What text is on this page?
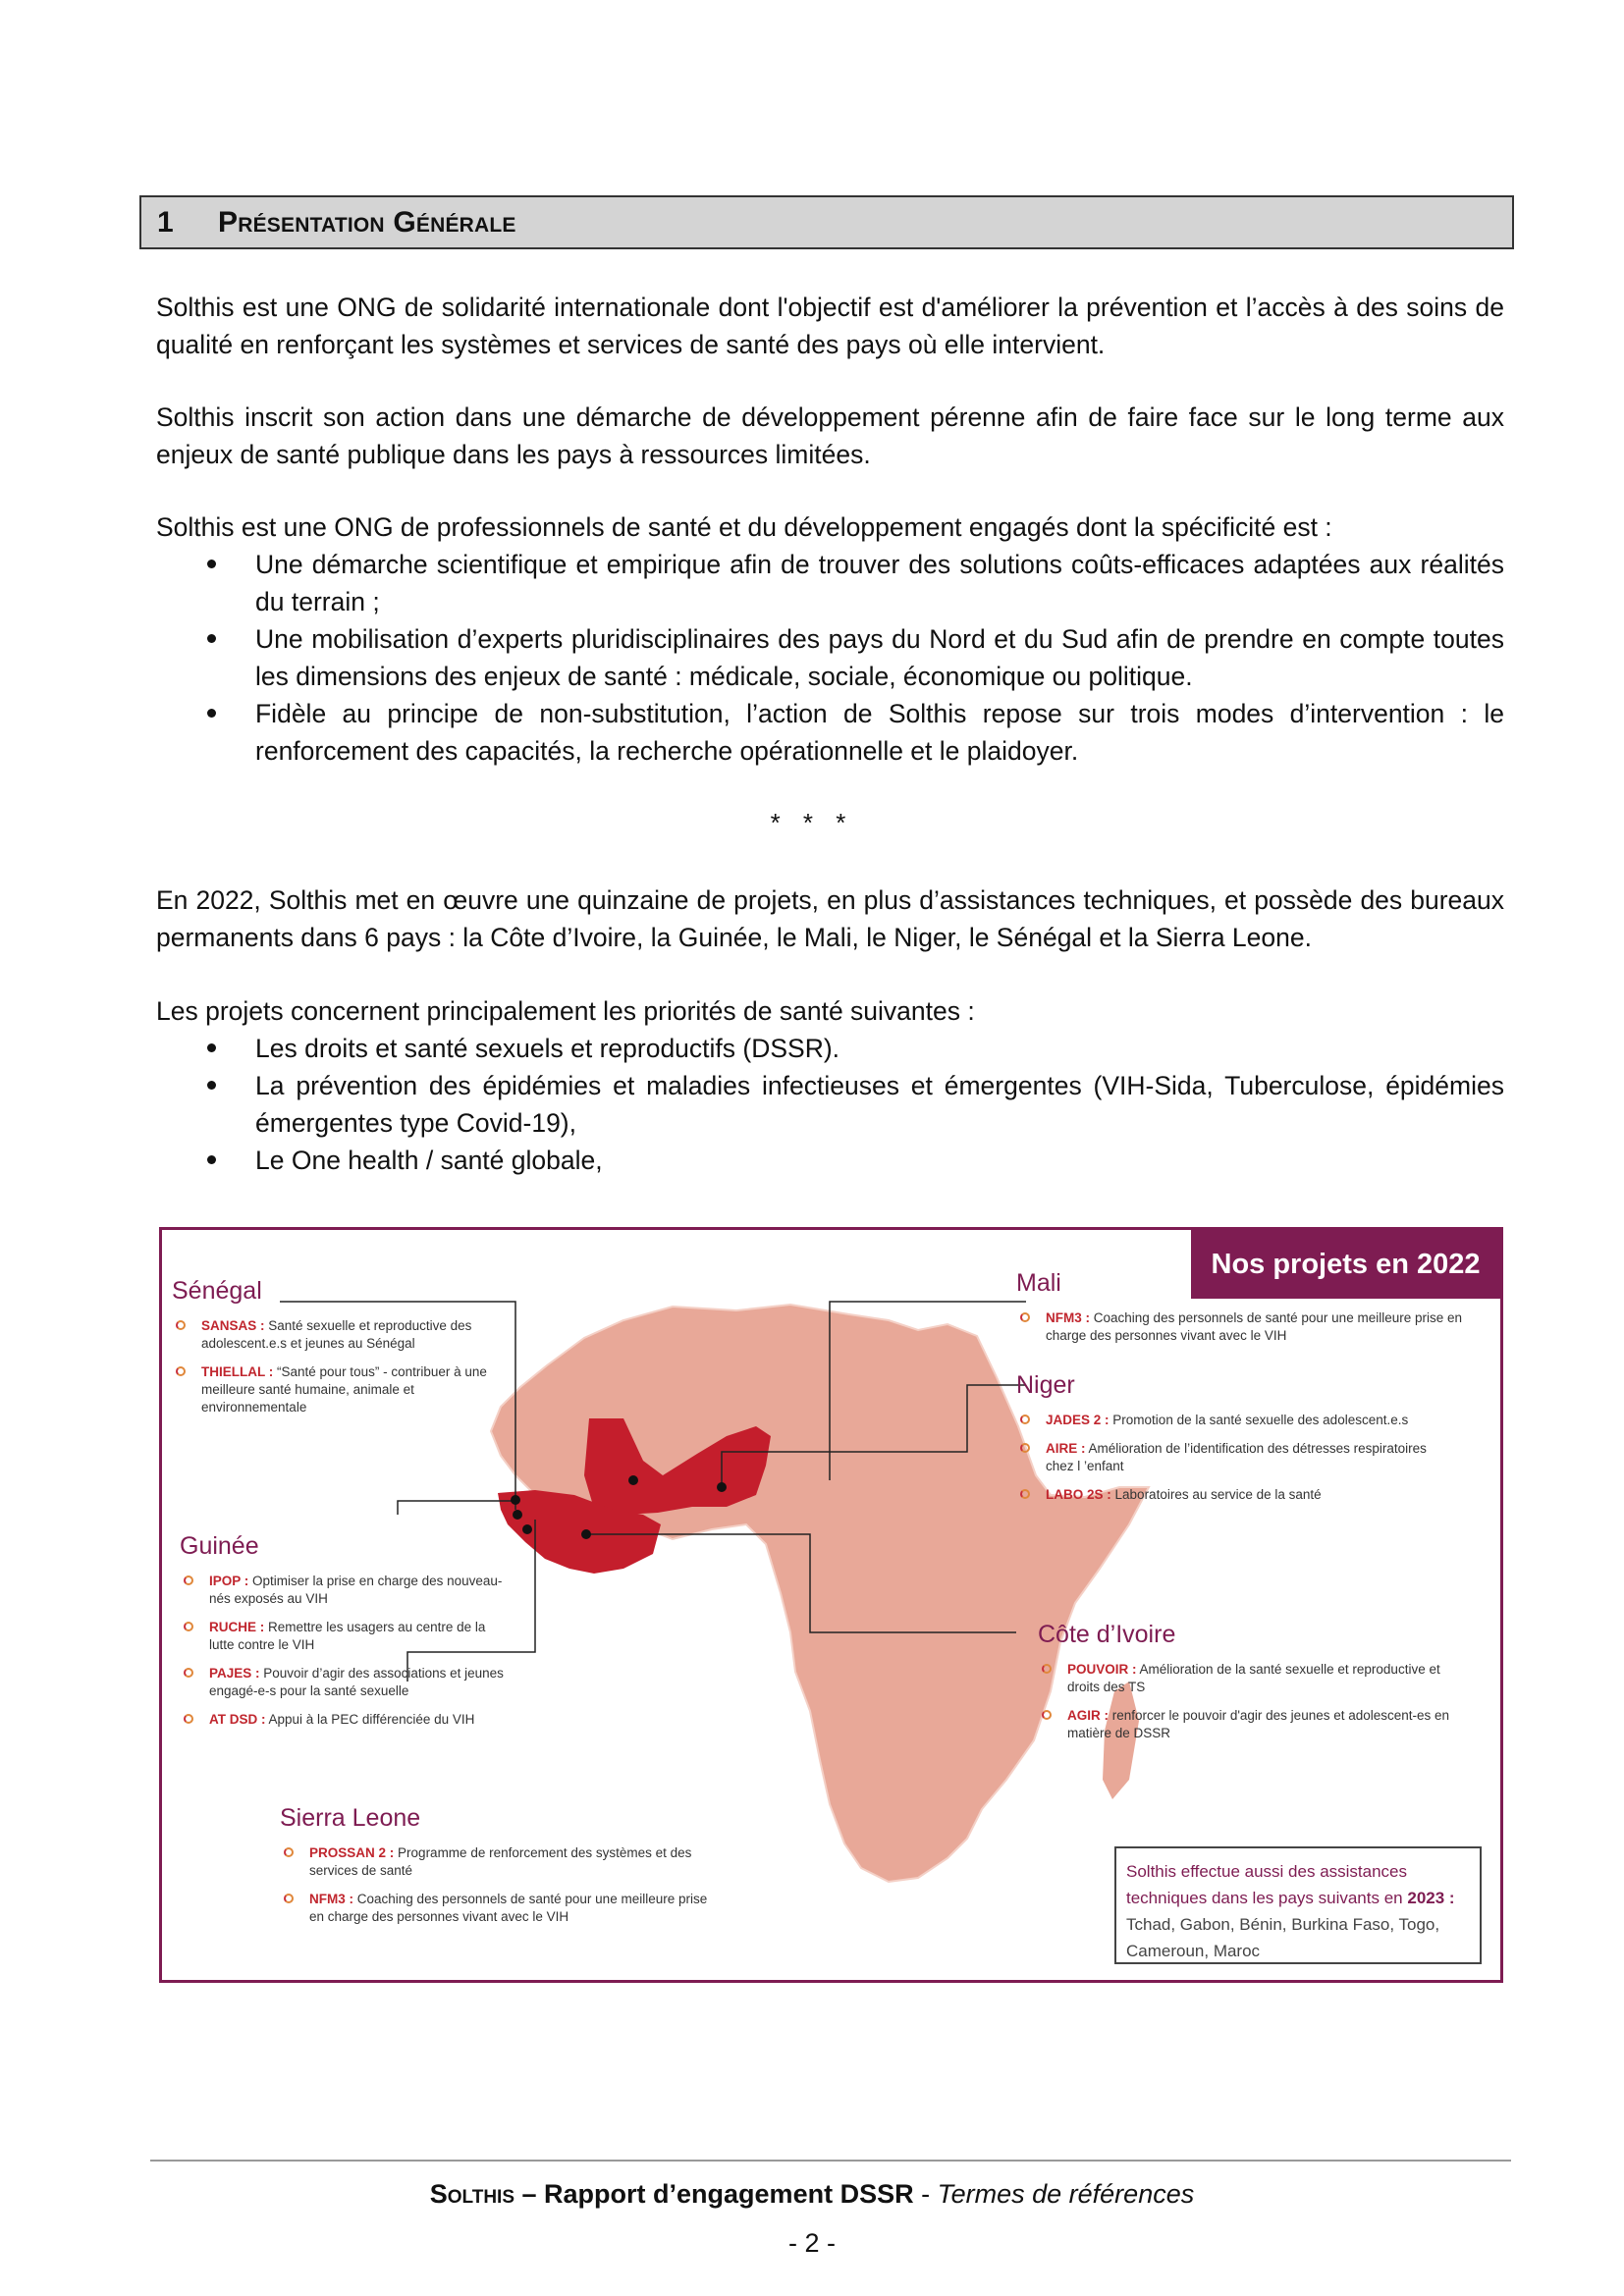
1	Présentation Générale

Solthis est une ONG de solidarité internationale dont l'objectif est d'améliorer la prévention et l’accès à des soins de qualité en renforçant les systèmes et services de santé des pays où elle intervient.

Solthis inscrit son action dans une démarche de développement pérenne afin de faire face sur le long terme aux enjeux de santé publique dans les pays à ressources limitées.

Solthis est une ONG de professionnels de santé et du développement engagés dont la spécificité est :

Une démarche scientifique et empirique afin de trouver des solutions coûts-efficaces adaptées aux réalités du terrain ;
Une mobilisation d’experts pluridisciplinaires des pays du Nord et du Sud afin de prendre en compte toutes les dimensions des enjeux de santé : médicale, sociale, économique ou politique.
Fidèle au principe de non-substitution, l’action de Solthis repose sur trois modes d’intervention : le renforcement des capacités, la recherche opérationnelle et le plaidoyer.
* * *

En 2022, Solthis met en œuvre une quinzaine de projets, en plus d’assistances techniques, et possède des bureaux permanents dans 6 pays : la Côte d’Ivoire, la Guinée, le Mali, le Niger, le Sénégal et la Sierra Leone.

Les projets concernent principalement les priorités de santé suivantes :

Les droits et santé sexuels et reproductifs (DSSR).
La prévention des épidémies et maladies infectieuses et émergentes (VIH-Sida, Tuberculose, épidémies émergentes type Covid-19),
Le One health / santé globale,
Nos projets en 2022
Sénégal
SANSAS : Santé sexuelle et reproductive des adolescent.e.s et jeunes au Sénégal
THIELLAL : “Santé pour tous” - contribuer à une meilleure santé humaine, animale et environnementale
Mali
NFM3 : Coaching des personnels de santé pour une meilleure prise en charge des personnes vivant avec le VIH
Niger
JADES 2 : Promotion de la santé sexuelle des adolescent.e.s
AIRE : Amélioration de l’identification des détresses respiratoires chez l ’enfant
LABO 2S : Laboratoires au service de la santé
Guinée
IPOP : Optimiser la prise en charge des nouveau-nés exposés au VIH
RUCHE : Remettre les usagers au centre de la lutte contre le VIH
PAJES : Pouvoir d’agir des associations et jeunes engagé-e-s pour la santé sexuelle
AT DSD : Appui à la PEC différenciée du VIH
Côte d’Ivoire
POUVOIR : Amélioration de la santé sexuelle et reproductive et droits des TS
AGIR : renforcer le pouvoir d'agir des jeunes et adolescent-es en matière de DSSR
Sierra Leone
PROSSAN 2 : Programme de renforcement des systèmes et des services de santé
NFM3 : Coaching des personnels de santé pour une meilleure prise en charge des personnes vivant avec le VIH
Solthis effectue aussi des assistances techniques dans les pays suivants en 2023 : Tchad, Gabon, Bénin, Burkina Faso, Togo, Cameroun, Maroc
Solthis – Rapport d’engagement DSSR - Termes de références
- 2 -
